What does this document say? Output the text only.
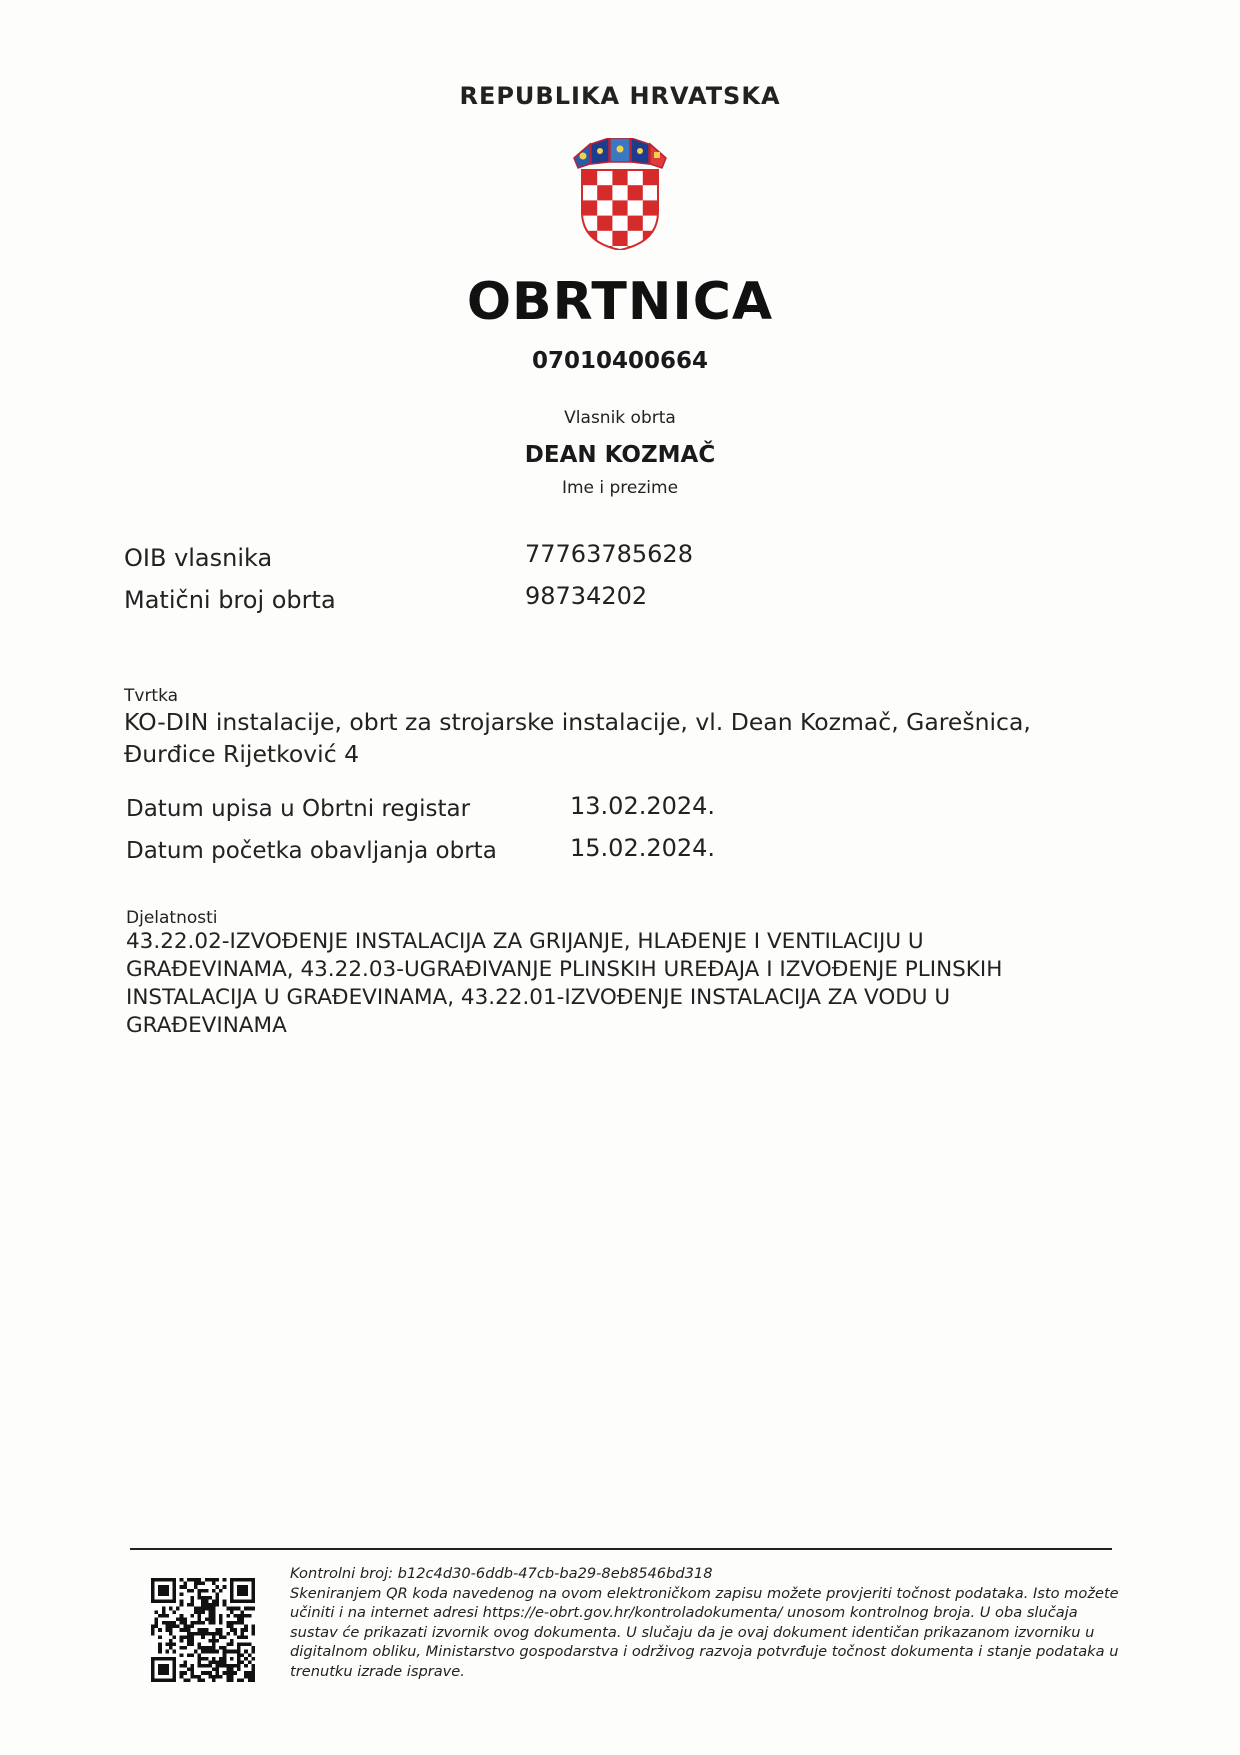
REPUBLIKA HRVATSKA
OBRTNICA
07010400664
Vlasnik obrta
DEAN KOZMAČ
Ime i prezime
OIB vlasnika	77763785628
Matični broj obrta	98734202
Tvrtka
KO-DIN instalacije, obrt za strojarske instalacije, vl. Dean Kozmač, Garešnica, Đurđice Rijetković 4
Datum upisa u Obrtni registar	13.02.2024.
Datum početka obavljanja obrta	15.02.2024.
Djelatnosti
43.22.02-IZVOĐENJE INSTALACIJA ZA GRIJANJE, HLAĐENJE I VENTILACIJU U GRAĐEVINAMA, 43.22.03-UGRAĐIVANJE PLINSKIH UREĐAJA I IZVOĐENJE PLINSKIH INSTALACIJA U GRAĐEVINAMA, 43.22.01-IZVOĐENJE INSTALACIJA ZA VODU U GRAĐEVINAMA

Kontrolni broj: b12c4d30-6ddb-47cb-ba29-8eb8546bd318

Skeniranjem QR koda navedenog na ovom elektroničkom zapisu možete provjeriti točnost podataka. Isto možete učiniti i na internet adresi https://e-obrt.gov.hr/kontroladokumenta/ unosom kontrolnog broja. U oba slučaja sustav će prikazati izvornik ovog dokumenta. U slučaju da je ovaj dokument identičan prikazanom izvorniku u digitalnom obliku, Ministarstvo gospodarstva i održivog razvoja potvrđuje točnost dokumenta i stanje podataka u trenutku izrade isprave.
